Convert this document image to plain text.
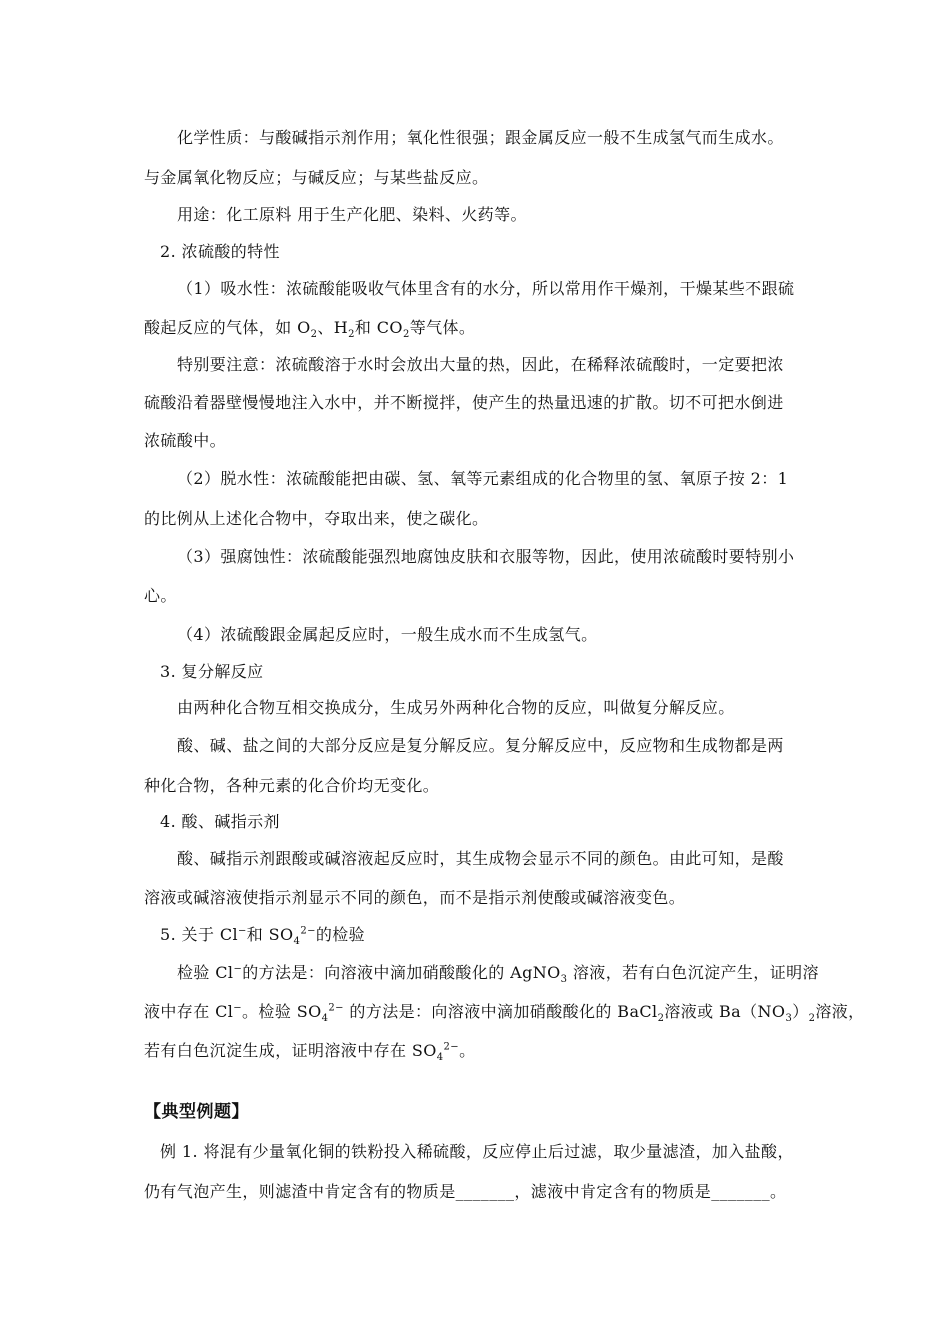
化学性质：与酸碱指示剂作用；氧化性很强；跟金属反应一般不生成氢气而生成水。
与金属氧化物反应；与碱反应；与某些盐反应。
用途：化工原料 用于生产化肥、染料、火药等。
2. 浓硫酸的特性
（1）吸水性：浓硫酸能吸收气体里含有的水分，所以常用作干燥剂，干燥某些不跟硫
酸起反应的气体，如 $O_2$、$H_2$和 $CO_2$等气体。
特别要注意：浓硫酸溶于水时会放出大量的热，因此，在稀释浓硫酸时，一定要把浓
硫酸沿着器壁慢慢地注入水中，并不断搅拌，使产生的热量迅速的扩散。切不可把水倒进
浓硫酸中。
（2）脱水性：浓硫酸能把由碳、氢、氧等元素组成的化合物里的氢、氧原子按 2：1
的比例从上述化合物中，夺取出来，使之碳化。
（3）强腐蚀性：浓硫酸能强烈地腐蚀皮肤和衣服等物，因此，使用浓硫酸时要特别小
心。
（4）浓硫酸跟金属起反应时，一般生成水而不生成氢气。
3. 复分解反应
由两种化合物互相交换成分，生成另外两种化合物的反应，叫做复分解反应。
酸、碱、盐之间的大部分反应是复分解反应。复分解反应中，反应物和生成物都是两
种化合物，各种元素的化合价均无变化。
4. 酸、碱指示剂
酸、碱指示剂跟酸或碱溶液起反应时，其生成物会显示不同的颜色。由此可知，是酸
溶液或碱溶液使指示剂显示不同的颜色，而不是指示剂使酸或碱溶液变色。
5. 关于 Cl−和 $SO_4^{2-}$的检验
检验 Cl−的方法是：向溶液中滴加硝酸酸化的 AgNO$_3$ 溶液，若有白色沉淀产生，证明溶
液中存在 Cl−。检验 $SO_4^{2-}$ 的方法是：向溶液中滴加硝酸酸化的 BaCl$_2$溶液或 $Ba(NO_3)_2$溶液，
若有白色沉淀生成，证明溶液中存在 $SO_4^{2-}$。
【典型例题】
例 1. 将混有少量氧化铜的铁粉投入稀硫酸，反应停止后过滤，取少量滤渣，加入盐酸，
仍有气泡产生，则滤渣中肯定含有的物质是_______，滤液中肯定含有的物质是_______。
